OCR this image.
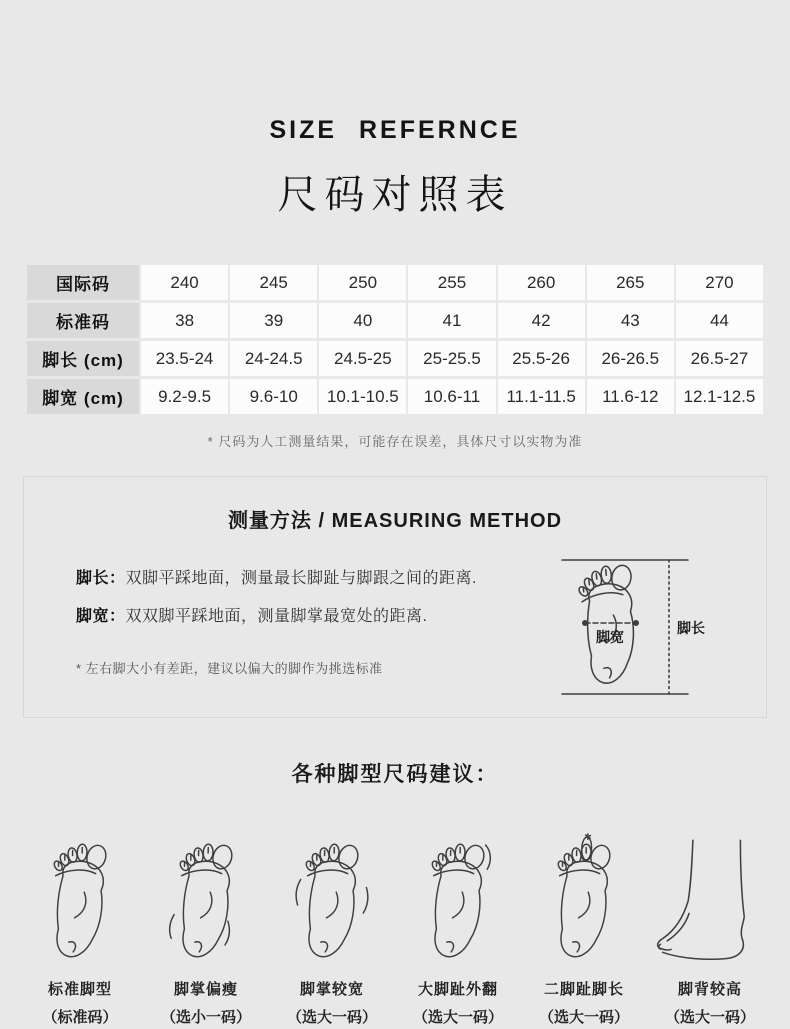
SIZE REFERNCE
尺码对照表
国际码	240	245	250	255	260	265	270
标准码	38	39	40	41	42	43	44
脚长 (cm)	23.5-24	24-24.5	24.5-25	25-25.5	25.5-26	26-26.5	26.5-27
脚宽 (cm)	9.2-9.5	9.6-10	10.1-10.5	10.6-11	11.1-11.5	11.6-12	12.1-12.5
* 尺码为人工测量结果，可能存在误差，具体尺寸以实物为准
测量方法 / MEASURING METHOD
脚长：双脚平踩地面，测量最长脚趾与脚跟之间的距离.
脚宽：双双脚平踩地面，测量脚掌最宽处的距离.
* 左右脚大小有差距，建议以偏大的脚作为挑选标准
脚宽
脚长
各种脚型尺码建议：
标准脚型
（标准码）
脚掌偏瘦
（选小一码）
脚掌较宽
（选大一码）
大脚趾外翻
（选大一码）
二脚趾脚长
（选大一码）
脚背较高
（选大一码）
